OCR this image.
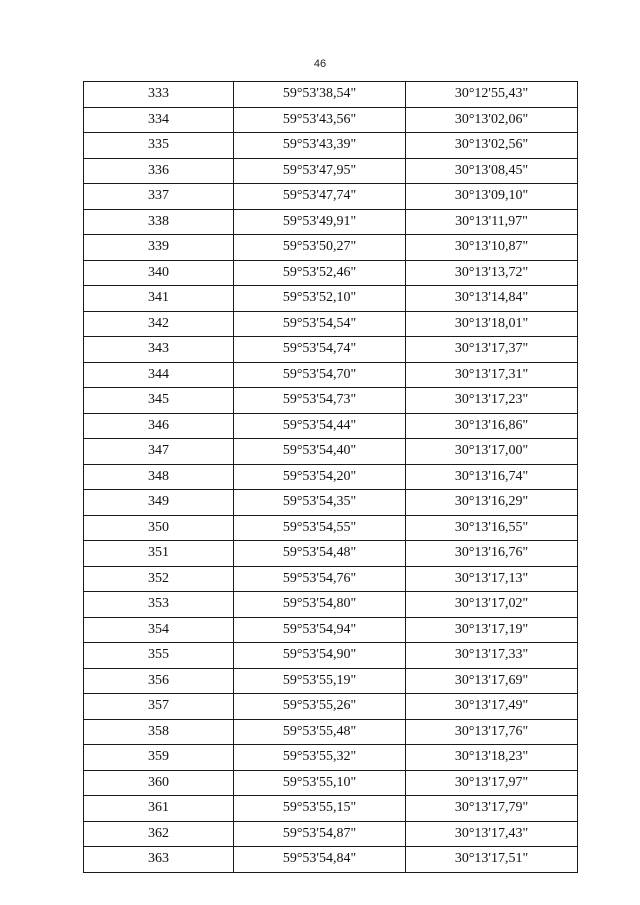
46
333	59°53'38,54"	30°12'55,43"
334	59°53'43,56"	30°13'02,06"
335	59°53'43,39"	30°13'02,56"
336	59°53'47,95"	30°13'08,45"
337	59°53'47,74"	30°13'09,10"
338	59°53'49,91"	30°13'11,97"
339	59°53'50,27"	30°13'10,87"
340	59°53'52,46"	30°13'13,72"
341	59°53'52,10"	30°13'14,84"
342	59°53'54,54"	30°13'18,01"
343	59°53'54,74"	30°13'17,37"
344	59°53'54,70"	30°13'17,31"
345	59°53'54,73"	30°13'17,23"
346	59°53'54,44"	30°13'16,86"
347	59°53'54,40"	30°13'17,00"
348	59°53'54,20"	30°13'16,74"
349	59°53'54,35"	30°13'16,29"
350	59°53'54,55"	30°13'16,55"
351	59°53'54,48"	30°13'16,76"
352	59°53'54,76"	30°13'17,13"
353	59°53'54,80"	30°13'17,02"
354	59°53'54,94"	30°13'17,19"
355	59°53'54,90"	30°13'17,33"
356	59°53'55,19"	30°13'17,69"
357	59°53'55,26"	30°13'17,49"
358	59°53'55,48"	30°13'17,76"
359	59°53'55,32"	30°13'18,23"
360	59°53'55,10"	30°13'17,97"
361	59°53'55,15"	30°13'17,79"
362	59°53'54,87"	30°13'17,43"
363	59°53'54,84"	30°13'17,51"
